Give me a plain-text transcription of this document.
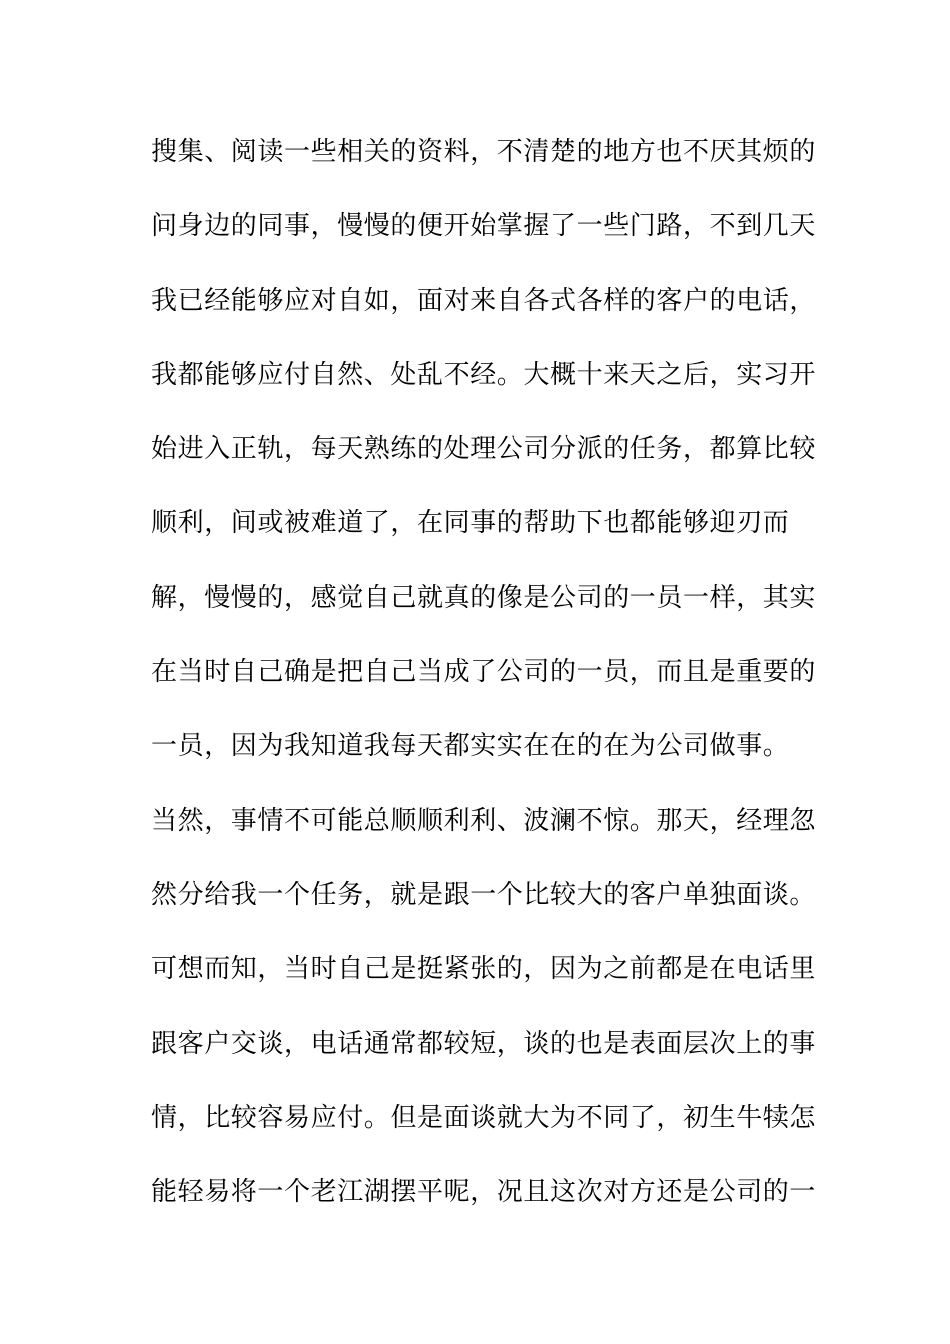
搜集、阅读一些相关的资料，不清楚的地方也不厌其烦的
问身边的同事，慢慢的便开始掌握了一些门路，不到几天
我已经能够应对自如，面对来自各式各样的客户的电话，
我都能够应付自然、处乱不经。大概十来天之后，实习开
始进入正轨，每天熟练的处理公司分派的任务，都算比较
顺利，间或被难道了，在同事的帮助下也都能够迎刃而
解，慢慢的，感觉自己就真的像是公司的一员一样，其实
在当时自己确是把自己当成了公司的一员，而且是重要的
一员，因为我知道我每天都实实在在的在为公司做事。
当然，事情不可能总顺顺利利、波澜不惊。那天，经理忽
然分给我一个任务，就是跟一个比较大的客户单独面谈。
可想而知，当时自己是挺紧张的，因为之前都是在电话里
跟客户交谈，电话通常都较短，谈的也是表面层次上的事
情，比较容易应付。但是面谈就大为不同了，初生牛犊怎
能轻易将一个老江湖摆平呢，况且这次对方还是公司的一
